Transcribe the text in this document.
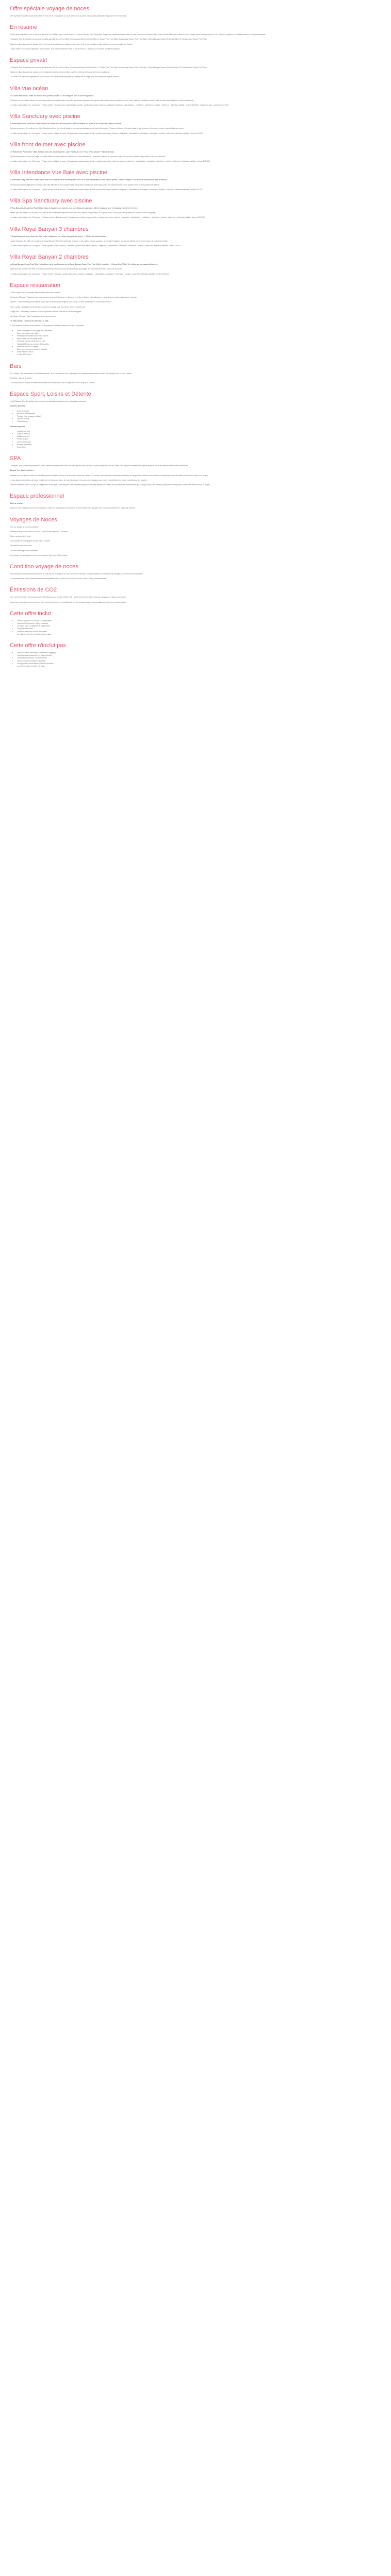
Offre spéciale voyage de noces

Offre spéciale réservée aux jeunes mariés le mois de leur mariage et au cours des 6 mois suivants. Documents justificatifs requis lors de la réservation.

En résumé

C'est à Anse Intendance, sur la côte sud-ouest de l'île de Mahé, que vous trouverez le luxueux Banyan Tree Seychelles. Depuis les collines qui surplombent la mer, une vue sur l'océan Indien et une nature préservée s'offrent à vous. Chaque détail a été pensé pour vous offrir une expérience inoubliable dans un cadre paradisiaque.

Le Banyan Tree Seychelles est composé de villas dans 12 Ocean Pool villas, 4 Intendance Bay View Pool Villas, 12 Ocean View Pool Villas, 9 Sanctuary Ocean View Pool Villas, 1 Royal Banyan Ocean View Pool Villa et 3 Two Bedroom Ocean Pool Villas.

Toutes les villas disposent de piscine privée, d'un jardin tropical et d'un pavillon ouvert avec lit de repos. Certaines villas offrent une vue imprenable sur l'océan.

Le Spa Villas Pool dispose également d'une douche, d'un bain bouillonnant privé et est ouvert sur la mer, pour un moment de détente absolue.

Espace privatif

Le Banyan Tree Seychelles est composé de villas dans 12 Ocean Pool villas, 4 Intendance Bay View Pool Villas, 12 Ocean View Pool Villas, 9 Sanctuary Ocean View Pool Villas, 1 Royal Banyan Ocean View Pool Villa et 3 Two Bedroom Ocean Pool Villas.

Toutes les villas disposent de piscine privée, baignoire ouverte (dans les villas coûtées), minibar, téléphone direct, air conditionné.

Les Villas Pool disposent également d'une douche, d'un bain bouillonnant privé et s'ouvrent sur la plage, pour un moment de détente absolue.

Villa vue océan

12 "Ocean Pool villas" villas sur colline avec piscine privée - 97 m² chaque à 4 m² et 20 m² de piscine.

Perchées sur des collines offrant une vue imprenable sur l'océan Indien, ces villas spacieuses disposent d'un grand salon avec terrasse et piscine privée, d'une chambre climatisée et d'une salle de bain avec baignoire et douche extérieure.

Les villas sont équipées de: 1 King size - Piscine privée - Terrasse avec chaise longue double - pavillon avec salon extérieur - baignoire extérieure - climatisation - ventilateur - téléphone - minibar - coffre-fort - télévision satellite - lecteur DVD/CD - machine à café - accès internet Wi-Fi.

Villa Sanctuary avec piscine

9 "Sanctuary Ocean View Pool Villas" villas sur colline avec piscine privée - 161 m² chaque à 4 m² et 16 m² de piscine + Bain à remous.

Nichées au sommet des collines, les villas Sanctuary offrent une intimité totale et une vue panoramique sur la baie d'Intendance. Chacune dispose d'un vaste salon, d'une terrasse en bois avec piscine privée et bain à remous.

Les villas sont équipées de: 1 King size - Piscine privée - Bain à remous - Terrasse avec chaise longue double - pavillon avec salon extérieur - baignoire - climatisation - ventilateur - téléphone - minibar - coffre-fort - télévision satellite - lecteur DVD/CD.

Villa front de mer avec piscine

12 "Beachfront Pool Villas" villas front de mer avec piscine privée - 230 m² chaque à 4 m² et 32 m² de piscine + Bain à remous.

Situées directement en bord de plage, ces villas offrent un accès direct au sable fin de l'Anse Intendance. Le pavillon extérieur et la piscine privée sont les lieux parfaits pour profiter du coucher de soleil.

Les villas sont équipées de: 1 King size - Piscine privée - Bain à remous - Terrasse avec chaise longue double - pavillon avec salon extérieur - douche extérieure - climatisation - ventilateur - téléphone - minibar - coffre-fort - télévision satellite - lecteur DVD/CD.

Villa Intendance Vue Baie avec piscine

4 "Intendance Bay View Pool Villas" villas dans les hauteurs de la forêt tropicale vue sur la baie d'Intendance, avec piscine privée - 235 m² chaque à 4 m² et 32 m² de piscine + Bain à remous.

En harmonie avec la végétation luxuriante, ces villas offrent une vue exceptionnelle sur la baie d'Intendance. Elles disposent d'une vaste terrasse, d'une piscine privée et d'un pavillon de détente.

Les villas sont équipées de: 1 King size - Piscine privée - Bain à remous - Terrasse avec chaise longue double - pavillon avec salon extérieur - baignoire - climatisation - ventilateur - téléphone - minibar - coffre-fort - télévision satellite - lecteur DVD/CD.

Villa Spa Sanctuary avec piscine

2 "Two Bedroom Oceanfront Pool Villas" villas 2 chambres en front de mer, avec 2 piscines privées - 425 m² chaque à 4 m² et 2 piscines de 32 m² et 16 m².

Idéales pour les familles ou les amis, ces villas de deux chambres disposent chacune d'une salle de bain privative, d'un grand salon, de deux piscines privées et d'un accès direct à la plage.

Les villas sont équipées de: 2 King size - Piscines privées - Bain à remous - Terrasse avec chaise longue double - pavillon avec salon extérieur - baignoire - climatisation - ventilateur - téléphone - minibar - coffre-fort - télévision satellite - lecteur DVD/CD.

Villa Royal Banyan 3 chambres

1 "Royal Banyan Ocean View Pool Villa" villa 3 chambres sur colline avec piscine privée - 1 700 m² de surface totale.

La plus exclusive des villas du complexe, la Royal Banyan offre trois chambres, un salon et une salle à manger spacieux, une cuisine équipée, une grande piscine privée et un service de majordome dédié.

Les villas sont équipées de: 3 King size - Piscine privée - Bain à remous - Terrasse - pavillon avec salon extérieur - baignoire - climatisation - ventilateur - téléphone - minibar - coffre-fort - télévision satellite - lecteur DVD/CD.

Villa Royal Banyan 2 chambres

La Royal Banyan Ocean Pool Villa 2 chambres est la combinaison de la Royal Banyan Ocean View Pool Villa 1 chambre + 1 Ocean Pool Villa 1 lit, reliées par une passerelle privée.

Idéale pour les familles, elle offre une intimité préservée pour chacun tout en permettant de partager des moments ensemble autour de la piscine.

Les villas sont équipées de: 2 King size - Piscine privée - Terrasse - pavillon avec salon extérieur - baignoire - climatisation - ventilateur - téléphone - minibar - coffre-fort - télévision satellite - lecteur DVD/CD.

Espace restauration

L'hôtel Banyan Tree Seychelles dispose des restaurants suivants :

"Au Jardin d'Epices" : Restaurant principal ouvert pour le petit déjeuner, le déjeuner et le dîner. Cuisine internationale et créole dans un cadre tropical face à l'océan.

"Saffron" : Cuisine thaïlandaise raffinée servie dans une ambiance élégante avec vue sur la baie d'Intendance. Ouvert pour le dîner.

"Chez Lamar" : Restaurant avec terrasse ouvert sur la plage pour des dîners privés et barbecues.

"Ginger Bar" : Bar-lounge ouvert en soirée proposant cocktails, vins fins et collations légères.

"Au Jardin d'Epices" : dîner thématique un soir par semaine.

"In Villa Dining" - Repas à la carte dans la villa.

Si vous préférez dîner en toute intimité, nos expériences culinaires privées vous sont proposées :

• Dîner romantique sur la plage aux chandelles
• Dîner privé dans votre villa
• Petit-déjeuner flottant dans votre piscine
• Pique-nique sur une plage isolée
• Cours de cuisine créole avec le chef
• Moonlight Dinner au sommet de la colline
• Barbecue privé sur la plage
• Dîner avec vue sur le coucher du soleil
• Room service 24h/24
• In Villa BBQ menu
Bars

"Le Lounge" : Bar à cocktails ouvert toute la journée. Une sélection de vins, champagnes et cocktails maison dans un cadre décontracté avec vue sur l'océan.

"Pool Bar" : Bar de la piscine.

Les hôtes pourront profiter de rafraîchissements et de boissons au bar de la piscine tout au long de la journée.

Espace Sport, Loisirs et Détente

L'hôtel Banyan Tree Seychelles vous propose les activités gratuites et avec participation suivantes :

Activités gratuites :

• Court de tennis
• Piscine à débordement
• Plongée libre (masque et tuba)
• Jeux de société
• Fitness center

Activités payantes :

• Location de vélo
• Yoga au Banyan
• Initiation au surf
• Pêche au gros
• Sorties en bateau
• Plongée (bouteille)
• Excursions
SPA

Le Banyan Tree Seychelles propose un Spa d'excellence primé avec salons de massage en plein air, dans un jardin tropical à flanc de colline. Une équipe de thérapeutes experts propose des soins inspirés des traditions asiatiques.

Banyan Tree Spa Seychelles :

Apaisez vos sens dans le cadre de la forêt tropicale luxuriante, au son de la mer et du chant des oiseaux. Les soins combinent des techniques ancestrales et des produits naturels issus de la flore tropicale pour une relaxation profonde du corps et de l'esprit.

Le spa dispose de pavillons de soins en plein air, de bains aux fleurs, de soins du visage et du corps, de massages aux huiles essentielles et de rituels exclusifs pour les couples.

Dans les différents soins du corps, le visage et les massages, l'hôtel Banyan Tree Seychelles propose une large gamme de forfaits incluant des soins personnalisés pour chaque client, une attention particulière étant portée à l'harmonie entre le corps et l'esprit.

Espace professionnel

Salle de réunion :

Idéale pour les petits groupes et les séminaires, l'hôtel met à disposition une salle de réunion entièrement équipée avec matériel audiovisuel et connexion internet.

Voyages de Noces

Pour un voyage de noces inoubliable :

Intendance Bay Ocean View Pool Villa, 7 nuits en demi-pension - Vol inclus

Séjour minimum de 3 nuits

Une bouteille de champagne et fruits frais à l'arrivée

Décoration florale de la villa

Un dîner romantique aux chandelles

Une séance de massage pour deux personnes au Spa (durée 60 minutes)

Condition voyage de noces

Offre spéciale réservée aux jeunes mariés le mois de leur mariage et au cours des 6 mois suivants. Sur présentation d'un certificat de mariage au moment de la réservation.

Les prestations ne sont ni remboursables ni échangeables et ne peuvent être cumulées avec d'autres offres promotionnelles.

Émissions de CO2

Pour votre information, les émissions de CO2 estimées pour un aller-retour Paris - Mahé sont d'environ 1,8 tonne par passager en classe économique.

Nous vous encourageons à compenser votre empreinte carbone en participant à l'un des programmes de compensation proposés par nos partenaires.

Cette offre inclut
• Les vols réguliers Air France / Air Seychelles
• Les transferts aéroport - hôtel - aéroport
• Le séjour dans la catégorie de villa choisie
• Les petits-déjeuners
• Les taxes aériennes et frais de dossier
• La présence de notre représentant sur place
Cette offre n'inclut pas
• Les assurances (annulation, assistance, bagages)
• Les dépenses personnelles et les pourboires
• Les repas et boissons non mentionnés
• Les excursions et activités payantes
• Le supplément haute saison (périodes de fêtes)
• La taxe de séjour, à régler sur place
